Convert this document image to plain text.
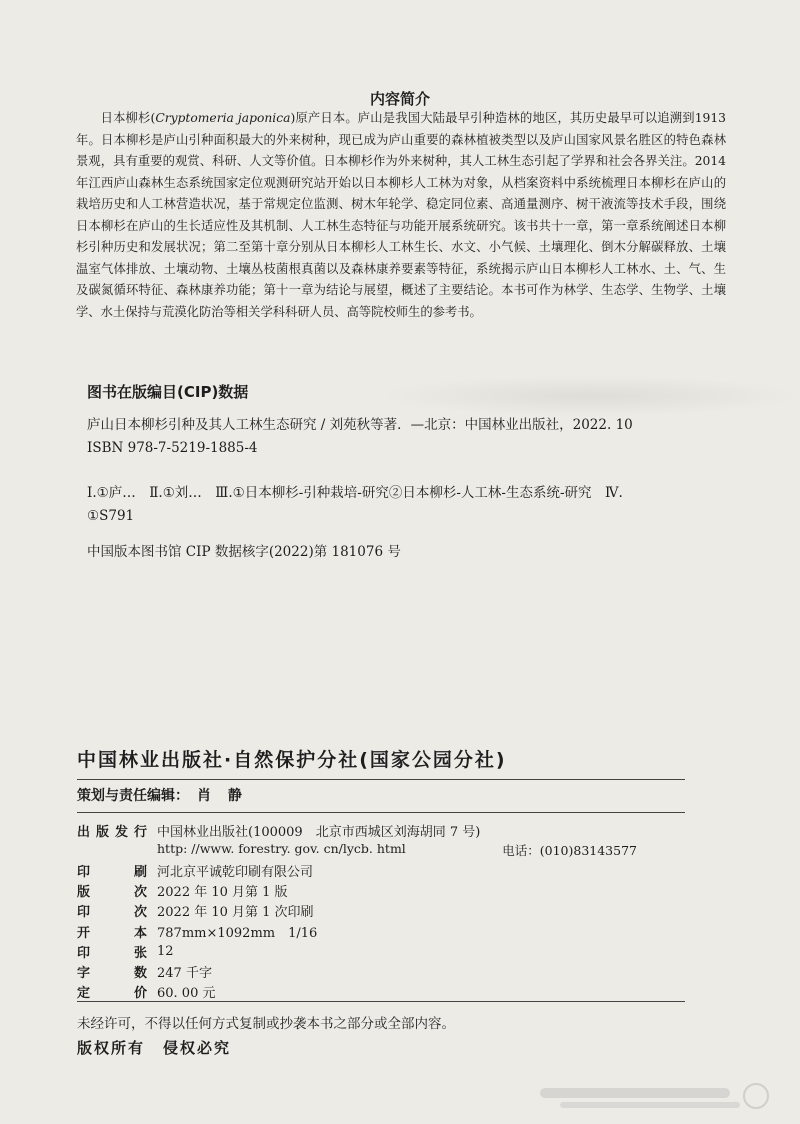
内容简介

日本柳杉(Cryptomeria japonica)原产日本。庐山是我国大陆最早引种造林的地区，其历史最早可以追溯到1913年。日本柳杉是庐山引种面积最大的外来树种，现已成为庐山重要的森林植被类型以及庐山国家风景名胜区的特色森林景观，具有重要的观赏、科研、人文等价值。日本柳杉作为外来树种，其人工林生态引起了学界和社会各界关注。2014年江西庐山森林生态系统国家定位观测研究站开始以日本柳杉人工林为对象，从档案资料中系统梳理日本柳杉在庐山的栽培历史和人工林营造状况，基于常规定位监测、树木年轮学、稳定同位素、高通量测序、树干液流等技术手段，围绕日本柳杉在庐山的生长适应性及其机制、人工林生态特征与功能开展系统研究。该书共十一章，第一章系统阐述日本柳杉引种历史和发展状况；第二至第十章分别从日本柳杉人工林生长、水文、小气候、土壤理化、倒木分解碳释放、土壤温室气体排放、土壤动物、土壤丛枝菌根真菌以及森林康养要素等特征，系统揭示庐山日本柳杉人工林水、土、气、生及碳氮循环特征、森林康养功能；第十一章为结论与展望，概述了主要结论。本书可作为林学、生态学、生物学、土壤学、水土保持与荒漠化防治等相关学科科研人员、高等院校师生的参考书。

图书在版编目(CIP)数据
庐山日本柳杉引种及其人工林生态研究 / 刘苑秋等著．—北京：中国林业出版社，2022. 10
ISBN 978-7-5219-1885-4
Ⅰ.①庐…　Ⅱ.①刘…　Ⅲ.①日本柳杉-引种栽培-研究②日本柳杉-人工林-生态系统-研究　Ⅳ.
①S791
中国版本图书馆 CIP 数据核字(2022)第 181076 号
中国林业出版社·自然保护分社(国家公园分社)
策划与责任编辑： 肖 静
出版发行 中国林业出版社(100009　北京市西城区刘海胡同 7 号)
http: //www. forestry. gov. cn/lycb. html	电话：(010)83143577
印刷 河北京平诚乾印刷有限公司
版次 2022 年 10 月第 1 版
印次 2022 年 10 月第 1 次印刷
开本 787mm×1092mm　1/16
印张 12
字数 247 千字
定价 60. 00 元
未经许可，不得以任何方式复制或抄袭本书之部分或全部内容。
版权所有 侵权必究
